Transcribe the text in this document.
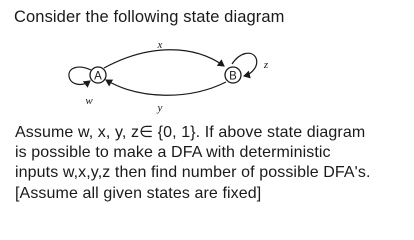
Consider the following state diagram
A	B
x
y
w
z
Assume w, x, y, z∈ {0, 1}. If above state diagram
is possible to make a DFA with deterministic
inputs w,x,y,z then find number of possible DFA's.
[Assume all given states are fixed]
